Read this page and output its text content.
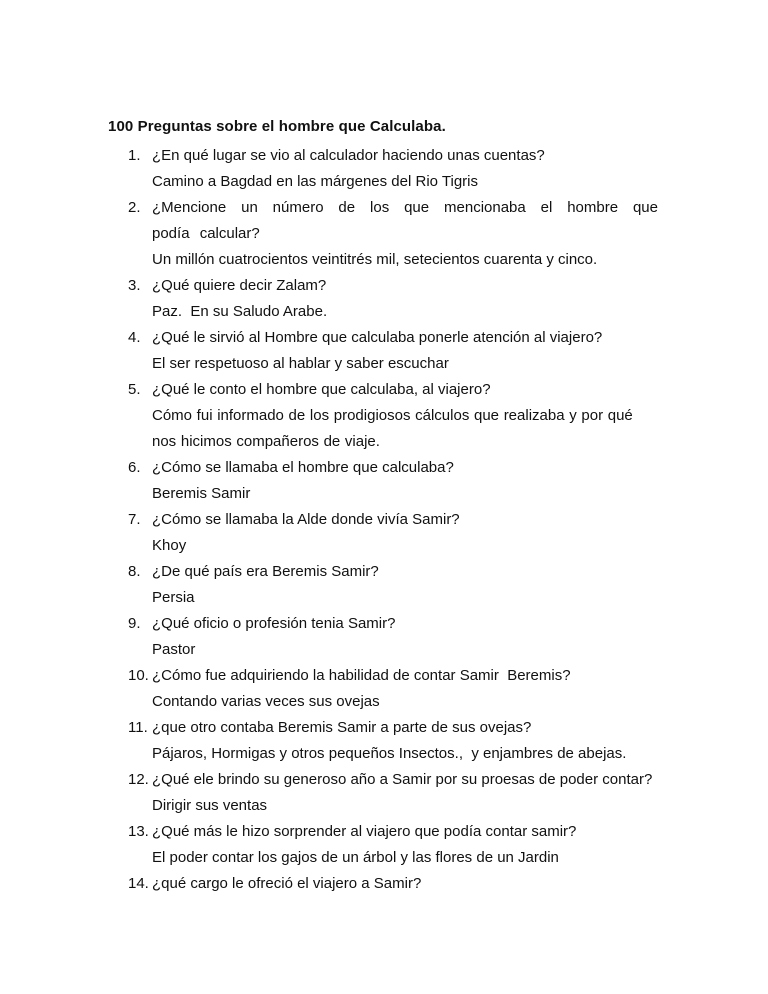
100 Preguntas sobre el hombre que Calculaba.
1. ¿En qué lugar se vio al calculador haciendo unas cuentas?
Camino a Bagdad en las márgenes del Rio Tigris
2. ¿Mencione un número de los que mencionaba el hombre que podía calcular?
Un millón cuatrocientos veintitrés mil, setecientos cuarenta y cinco.
3. ¿Qué quiere decir Zalam?
Paz.  En su Saludo Arabe.
4. ¿Qué le sirvió al Hombre que calculaba ponerle atención al viajero?
El ser respetuoso al hablar y saber escuchar
5. ¿Qué le conto el hombre que calculaba, al viajero?
Cómo fui informado de los prodigiosos cálculos que realizaba y por qué nos hicimos compañeros de viaje.
6. ¿Cómo se llamaba el hombre que calculaba?
Beremis Samir
7. ¿Cómo se llamaba la Alde donde vivía Samir?
Khoy
8. ¿De qué país era Beremis Samir?
Persia
9. ¿Qué oficio o profesión tenia Samir?
Pastor
10. ¿Cómo fue adquiriendo la habilidad de contar Samir  Beremis?
Contando varias veces sus ovejas
11. ¿que otro contaba Beremis Samir a parte de sus ovejas?
Pájaros, Hormigas y otros pequeños Insectos.,  y enjambres de abejas.
12. ¿Qué ele brindo su generoso año a Samir por su proesas de poder contar?
Dirigir sus ventas
13. ¿Qué más le hizo sorprender al viajero que podía contar samir?
El poder contar los gajos de un árbol y las flores de un Jardin
14. ¿qué cargo le ofreció el viajero a Samir?
